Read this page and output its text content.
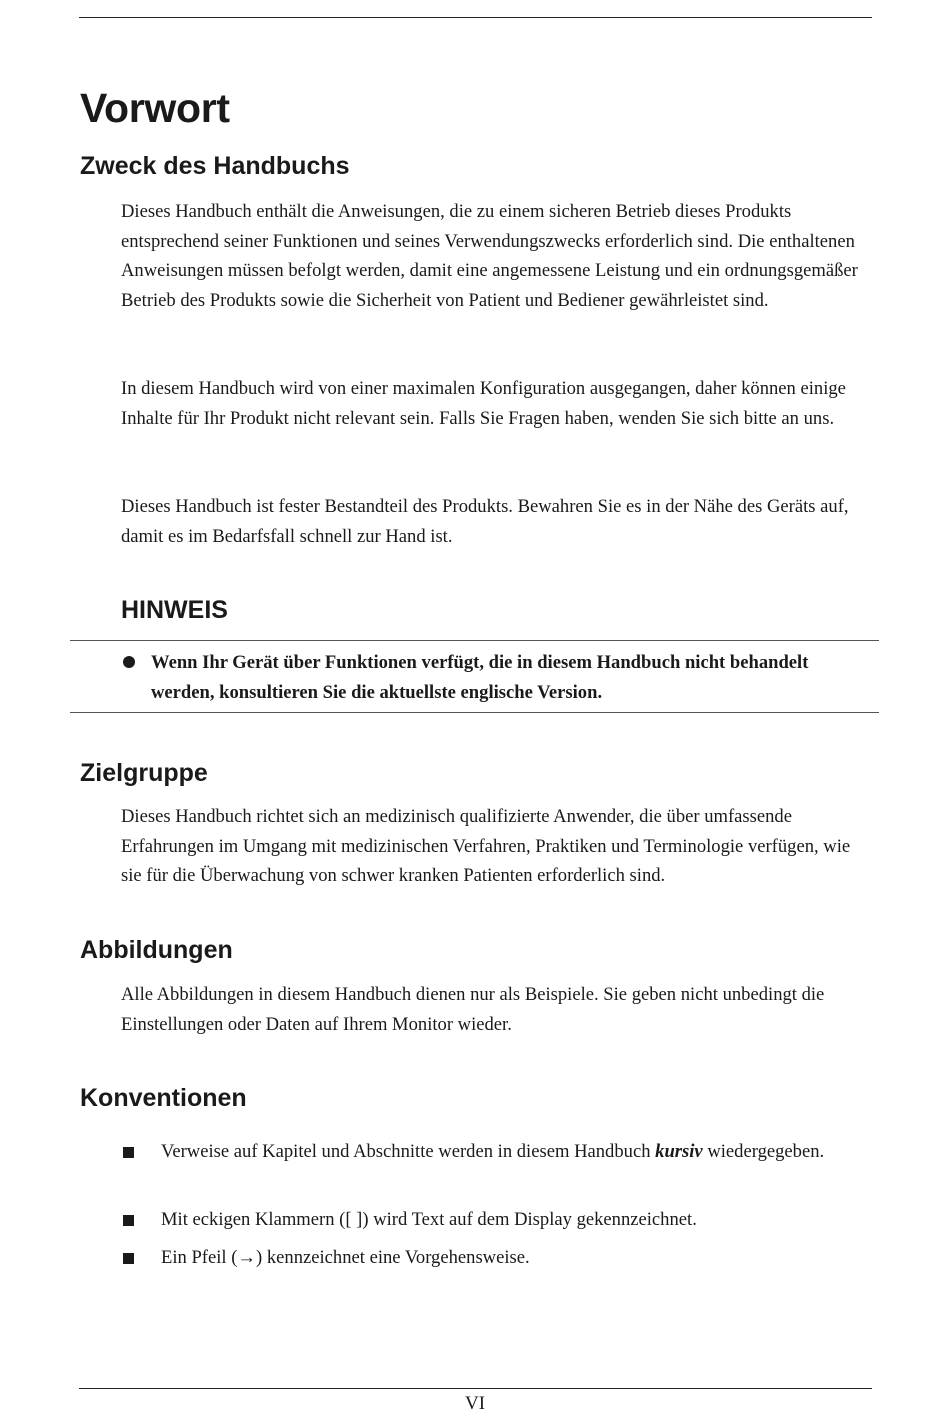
Vorwort
Zweck des Handbuchs

Dieses Handbuch enthält die Anweisungen, die zu einem sicheren Betrieb dieses Produkts entsprechend seiner Funktionen und seines Verwendungszwecks erforderlich sind. Die enthaltenen Anweisungen müssen befolgt werden, damit eine angemessene Leistung und ein ordnungsgemäßer Betrieb des Produkts sowie die Sicherheit von Patient und Bediener gewährleistet sind.

In diesem Handbuch wird von einer maximalen Konfiguration ausgegangen, daher können einige Inhalte für Ihr Produkt nicht relevant sein. Falls Sie Fragen haben, wenden Sie sich bitte an uns.

Dieses Handbuch ist fester Bestandteil des Produkts. Bewahren Sie es in der Nähe des Geräts auf, damit es im Bedarfsfall schnell zur Hand ist.

HINWEIS

Wenn Ihr Gerät über Funktionen verfügt, die in diesem Handbuch nicht behandelt werden, konsultieren Sie die aktuellste englische Version.

Zielgruppe

Dieses Handbuch richtet sich an medizinisch qualifizierte Anwender, die über umfassende Erfahrungen im Umgang mit medizinischen Verfahren, Praktiken und Terminologie verfügen, wie sie für die Überwachung von schwer kranken Patienten erforderlich sind.

Abbildungen

Alle Abbildungen in diesem Handbuch dienen nur als Beispiele. Sie geben nicht unbedingt die Einstellungen oder Daten auf Ihrem Monitor wieder.

Konventionen

Verweise auf Kapitel und Abschnitte werden in diesem Handbuch kursiv wiedergegeben.

Mit eckigen Klammern ([ ]) wird Text auf dem Display gekennzeichnet.

Ein Pfeil (→) kennzeichnet eine Vorgehensweise.

VI
